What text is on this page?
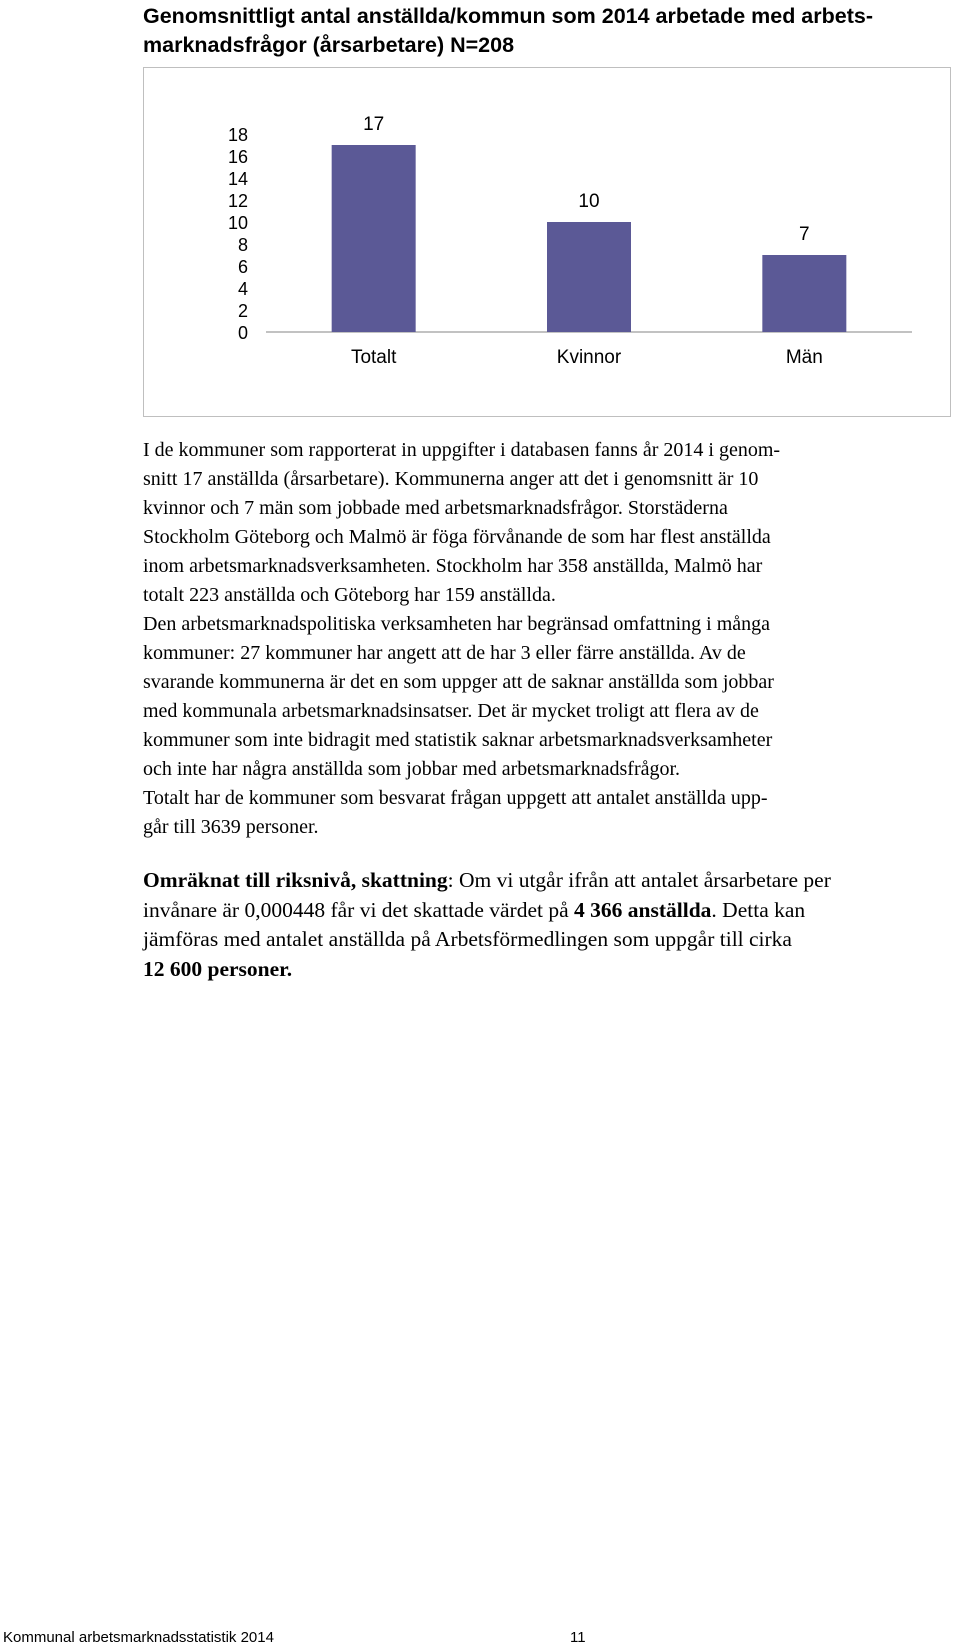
Genomsnittligt antal anställda/kommun som 2014 arbetade med arbets-
marknadsfrågor (årsarbetare) N=208
0
2
4
6
8
10
12
14
16
18	17
Totalt
10
Kvinnor
7
Män

I de kommuner som rapporterat in uppgifter i databasen fanns år 2014 i genom-
snitt 17 anställda (årsarbetare). Kommunerna anger att det i genomsnitt är 10
kvinnor och 7 män som jobbade med arbetsmarknadsfrågor. Storstäderna
Stockholm Göteborg och Malmö är föga förvånande de som har flest anställda
inom arbetsmarknadsverksamheten. Stockholm har 358 anställda, Malmö har
totalt 223 anställda och Göteborg har 159 anställda.
Den arbetsmarknadspolitiska verksamheten har begränsad omfattning i många
kommuner: 27 kommuner har angett att de har 3 eller färre anställda. Av de
svarande kommunerna är det en som uppger att de saknar anställda som jobbar
med kommunala arbetsmarknadsinsatser. Det är mycket troligt att flera av de
kommuner som inte bidragit med statistik saknar arbetsmarknadsverksamheter
och inte har några anställda som jobbar med arbetsmarknadsfrågor.
Totalt har de kommuner som besvarat frågan uppgett att antalet anställda upp-
går till 3639 personer.

Omräknat till riksnivå, skattning: Om vi utgår ifrån att antalet årsarbetare per
invånare är 0,000448 får vi det skattade värdet på 4 366 anställda. Detta kan
jämföras med antalet anställda på Arbetsförmedlingen som uppgår till cirka
12 600 personer.

Kommunal arbetsmarknadsstatistik 2014	11
